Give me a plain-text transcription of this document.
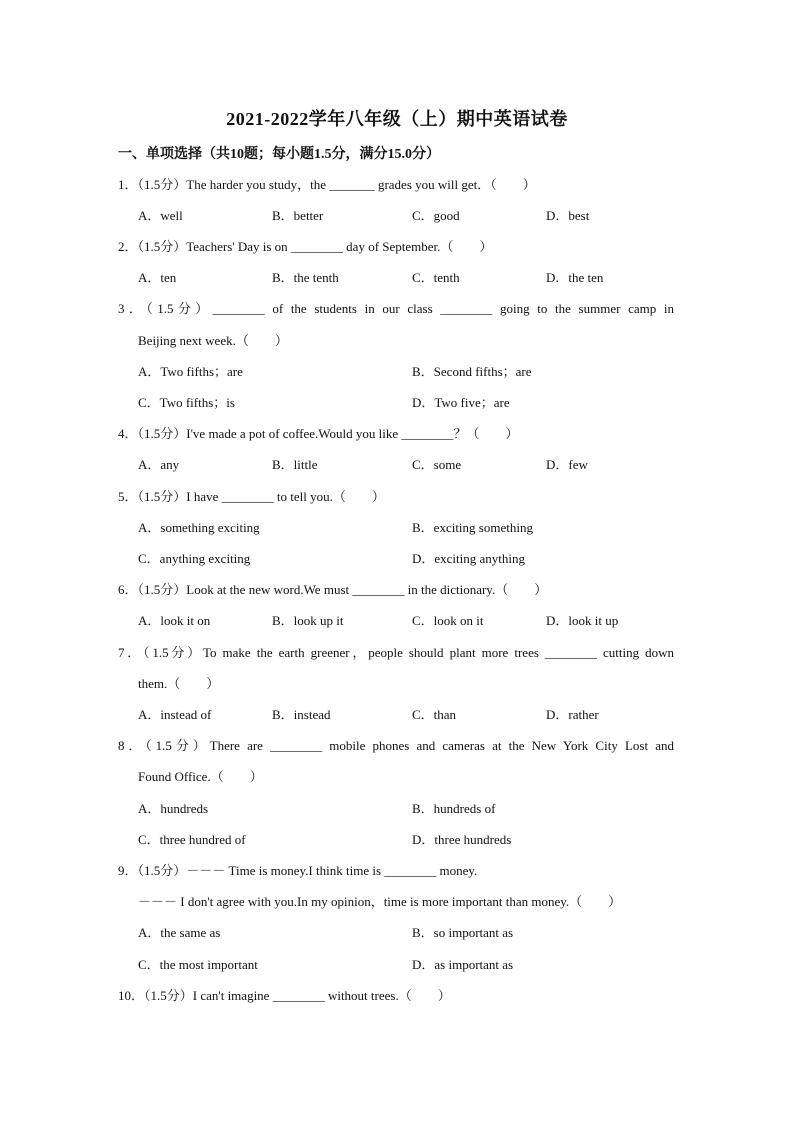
2021-2022学年八年级（上）期中英语试卷
一、单项选择（共10题；每小题1.5分，满分15.0分）
1．（1.5分）The harder you study，the _______ grades you will get．（　　）
A．well	B．better	C．good	D．best
2．（1.5分）Teachers' Day is on ________ day of September.（　　）
A．ten	B．the tenth	C．tenth	D．the ten
3．（1.5分）________ of the students in our class ________ going to the summer camp in
Beijing next week.（　　）
A．Two fifths；are	B．Second fifths；are
C．Two fifths；is	D．Two five；are
4．（1.5分）I've made a pot of coffee.Would you like ________？（　　）
A．any	B．little	C．some	D．few
5．（1.5分）I have ________ to tell you.（　　）
A．something exciting	B．exciting something
C．anything exciting	D．exciting anything
6．（1.5分）Look at the new word.We must ________ in the dictionary.（　　）
A．look it on	B．look up it	C．look on it	D．look it up
7．（1.5分）To make the earth greener，people should plant more trees ________ cutting down
them.（　　）
A．instead of	B．instead	C．than	D．rather
8．（1.5分）There are ________ mobile phones and cameras at the New York City Lost and
Found Office.（　　）
A．hundreds	B．hundreds of
C．three hundred of	D．three hundreds
9．（1.5分）－－－ Time is money.I think time is ________ money.
－－－ I don't agree with you.In my opinion，time is more important than money.（　　）
A．the same as	B．so important as
C．the most important	D．as important as
10．（1.5分）I can't imagine ________ without trees.（　　）
